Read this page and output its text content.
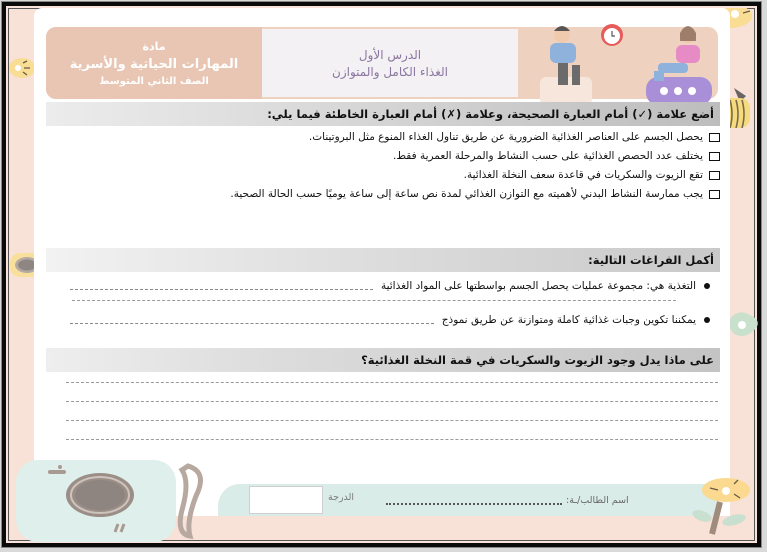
مادة
المهارات الحياتية والأسرية
الصف الثاني المتوسط
الدرس الأول
الغذاء الكامل والمتوازن
أضع علامة (✓) أمام العبارة الصحيحة، وعلامة (✗) أمام العبارة الخاطئة فيما يلي:
يحصل الجسم على العناصر الغذائية الضرورية عن طريق تناول الغذاء المنوع مثل البروتينات.
يختلف عدد الحصص الغذائية على حسب النشاط والمرحلة العمرية فقط.
تقع الزيوت والسكريات في قاعدة سعف النخلة الغذائية.
يجب ممارسة النشاط البدني لأهميته مع التوازن الغذائي لمدة نص ساعة إلى ساعة يوميًا حسب الحالة الصحية.
أكمل الفراغات التالية:
التغذية هي: مجموعة عمليات يحصل الجسم بواسطتها على المواد الغذائية
يمكننا تكوين وجبات غذائية كاملة ومتوازنة عن طريق نموذج
على ماذا يدل وجود الزيوت والسكريات في قمة النخلة الغذائية؟
اسم الطالب/ـة:
الدرجة
